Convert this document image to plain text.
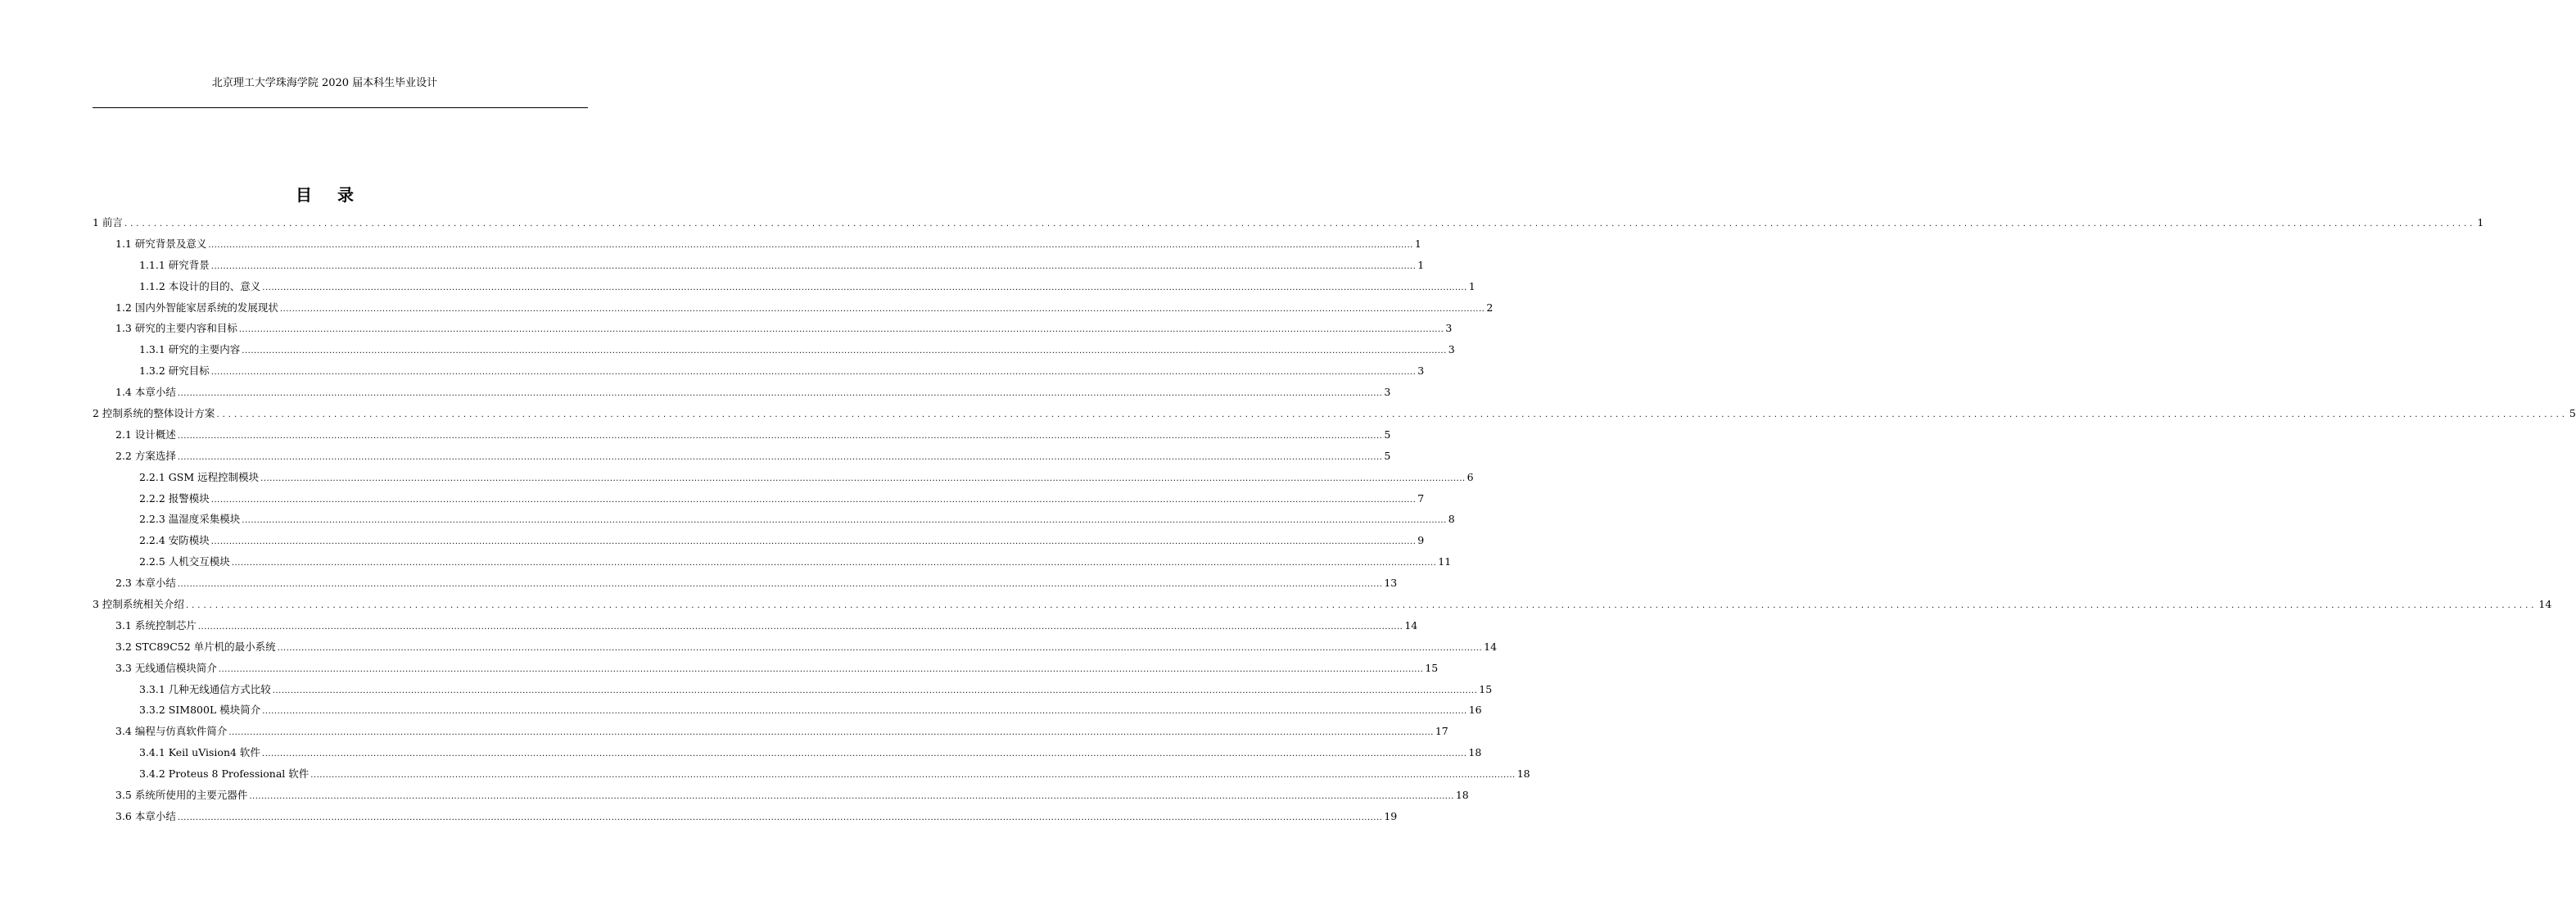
北京理工大学珠海学院 2020 届本科生毕业设计
目 录
1 前言 ................................................................................................................................................................................................................................................................................................................................................................................................................ 1
1.1 研究背景及意义 ................................................................................................................................................................................................................................................................................................................................................................................................................ 1
1.1.1 研究背景 ................................................................................................................................................................................................................................................................................................................................................................................................................ 1
1.1.2 本设计的目的、意义 ................................................................................................................................................................................................................................................................................................................................................................................................................ 1
1.2 国内外智能家居系统的发展现状 ................................................................................................................................................................................................................................................................................................................................................................................................................ 2
1.3 研究的主要内容和目标 ................................................................................................................................................................................................................................................................................................................................................................................................................ 3
1.3.1 研究的主要内容 ................................................................................................................................................................................................................................................................................................................................................................................................................ 3
1.3.2 研究目标 ................................................................................................................................................................................................................................................................................................................................................................................................................ 3
1.4 本章小结 ................................................................................................................................................................................................................................................................................................................................................................................................................ 3
2 控制系统的整体设计方案 ................................................................................................................................................................................................................................................................................................................................................................................................................ 5
2.1 设计概述 ................................................................................................................................................................................................................................................................................................................................................................................................................ 5
2.2 方案选择 ................................................................................................................................................................................................................................................................................................................................................................................................................ 5
2.2.1 GSM 远程控制模块 ................................................................................................................................................................................................................................................................................................................................................................................................................ 6
2.2.2 报警模块 ................................................................................................................................................................................................................................................................................................................................................................................................................ 7
2.2.3 温湿度采集模块 ................................................................................................................................................................................................................................................................................................................................................................................................................ 8
2.2.4 安防模块 ................................................................................................................................................................................................................................................................................................................................................................................................................ 9
2.2.5 人机交互模块 ................................................................................................................................................................................................................................................................................................................................................................................................................ 11
2.3 本章小结 ................................................................................................................................................................................................................................................................................................................................................................................................................ 13
3 控制系统相关介绍 ................................................................................................................................................................................................................................................................................................................................................................................................................ 14
3.1 系统控制芯片 ................................................................................................................................................................................................................................................................................................................................................................................................................ 14
3.2 STC89C52 单片机的最小系统 ................................................................................................................................................................................................................................................................................................................................................................................................................ 14
3.3 无线通信模块简介 ................................................................................................................................................................................................................................................................................................................................................................................................................ 15
3.3.1 几种无线通信方式比较 ................................................................................................................................................................................................................................................................................................................................................................................................................ 15
3.3.2 SIM800L 模块简介 ................................................................................................................................................................................................................................................................................................................................................................................................................ 16
3.4 编程与仿真软件简介 ................................................................................................................................................................................................................................................................................................................................................................................................................ 17
3.4.1 Keil uVision4 软件 ................................................................................................................................................................................................................................................................................................................................................................................................................ 18
3.4.2 Proteus 8 Professional 软件 ................................................................................................................................................................................................................................................................................................................................................................................................................ 18
3.5 系统所使用的主要元器件 ................................................................................................................................................................................................................................................................................................................................................................................................................ 18
3.6 本章小结 ................................................................................................................................................................................................................................................................................................................................................................................................................ 19
